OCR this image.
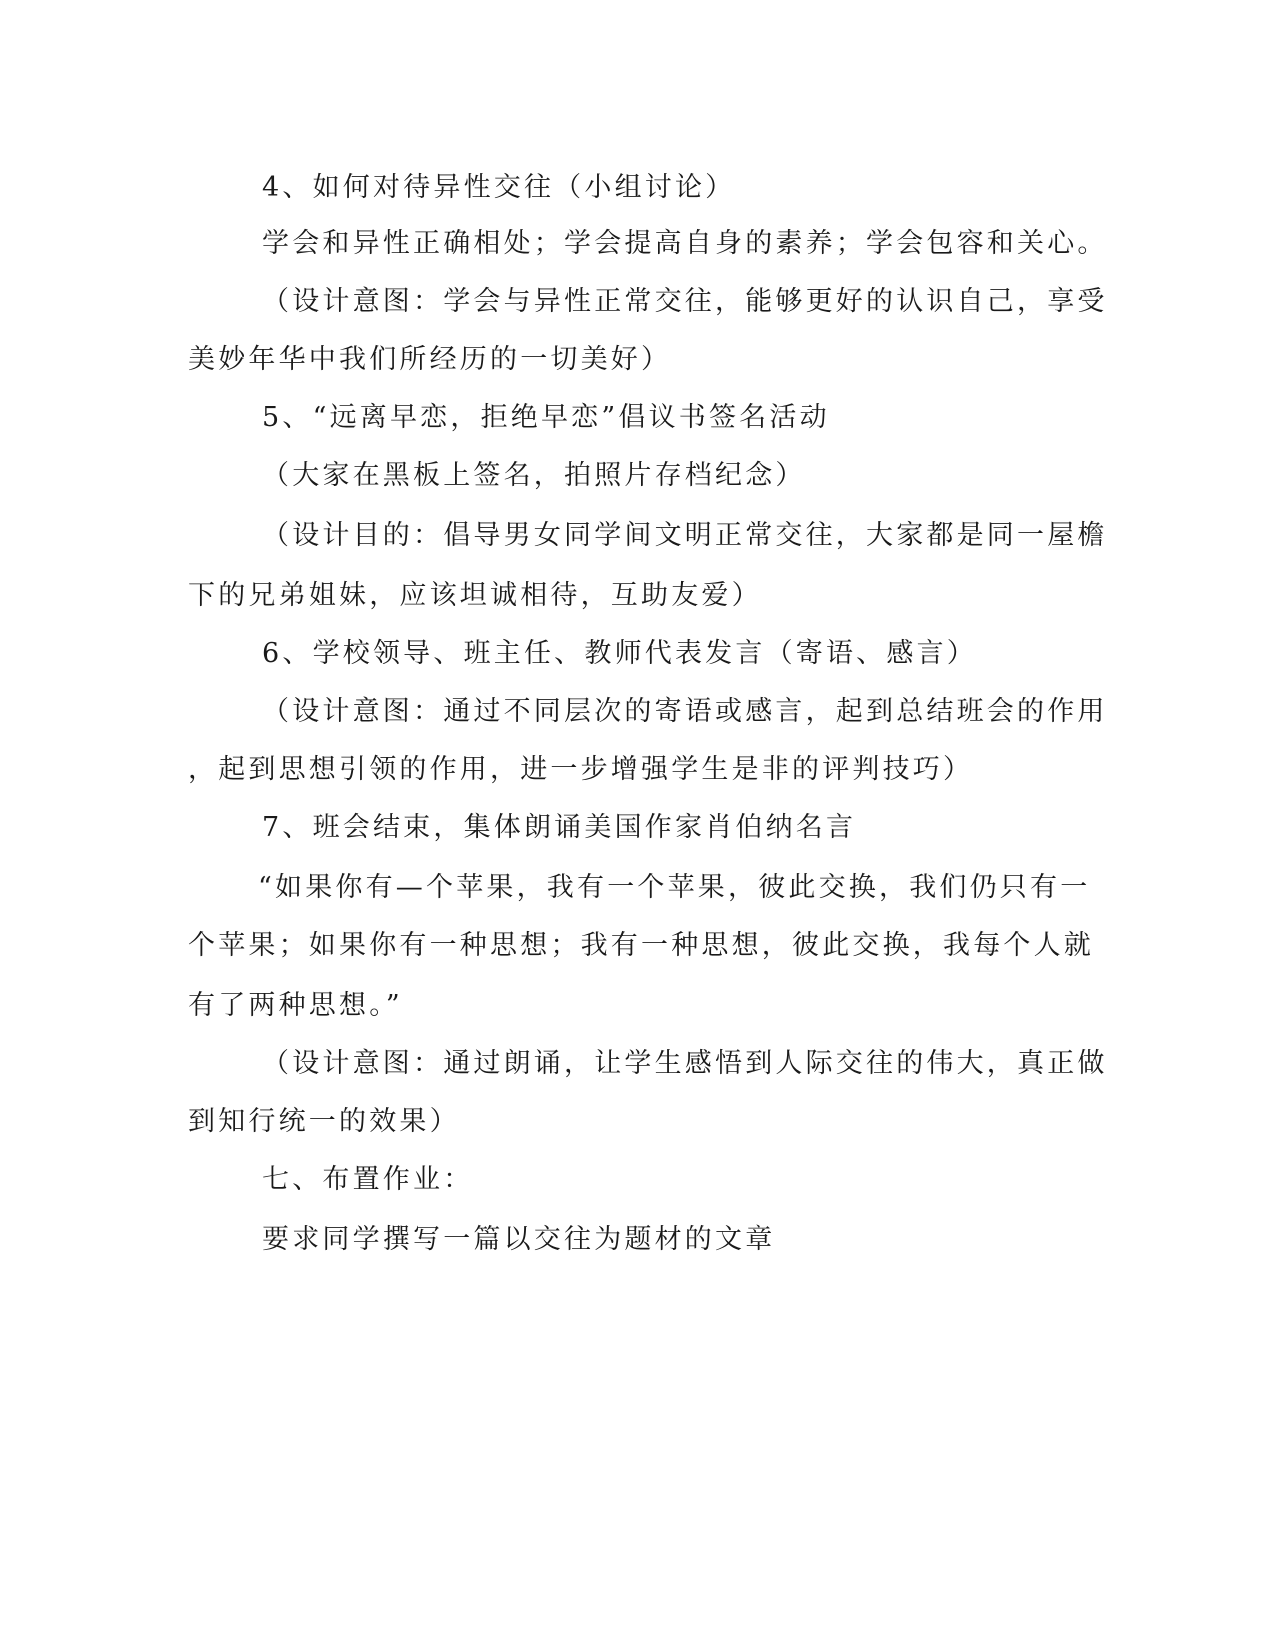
4、如何对待异性交往（小组讨论）
学会和异性正确相处；学会提高自身的素养；学会包容和关心。
（设计意图：学会与异性正常交往，能够更好的认识自己，享受
美妙年华中我们所经历的一切美好）
5、“远离早恋，拒绝早恋”倡议书签名活动
（大家在黑板上签名，拍照片存档纪念）
（设计目的：倡导男女同学间文明正常交往，大家都是同一屋檐
下的兄弟姐妹，应该坦诚相待，互助友爱）
6、学校领导、班主任、教师代表发言（寄语、感言）
（设计意图：通过不同层次的寄语或感言，起到总结班会的作用
，起到思想引领的作用，进一步增强学生是非的评判技巧）
7、班会结束，集体朗诵美国作家肖伯纳名言
“如果你有—个苹果，我有一个苹果，彼此交换，我们仍只有一
个苹果；如果你有一种思想；我有一种思想，彼此交换，我每个人就
有了两种思想。”
（设计意图：通过朗诵，让学生感悟到人际交往的伟大，真正做
到知行统一的效果）
七、布置作业：
要求同学撰写一篇以交往为题材的文章
